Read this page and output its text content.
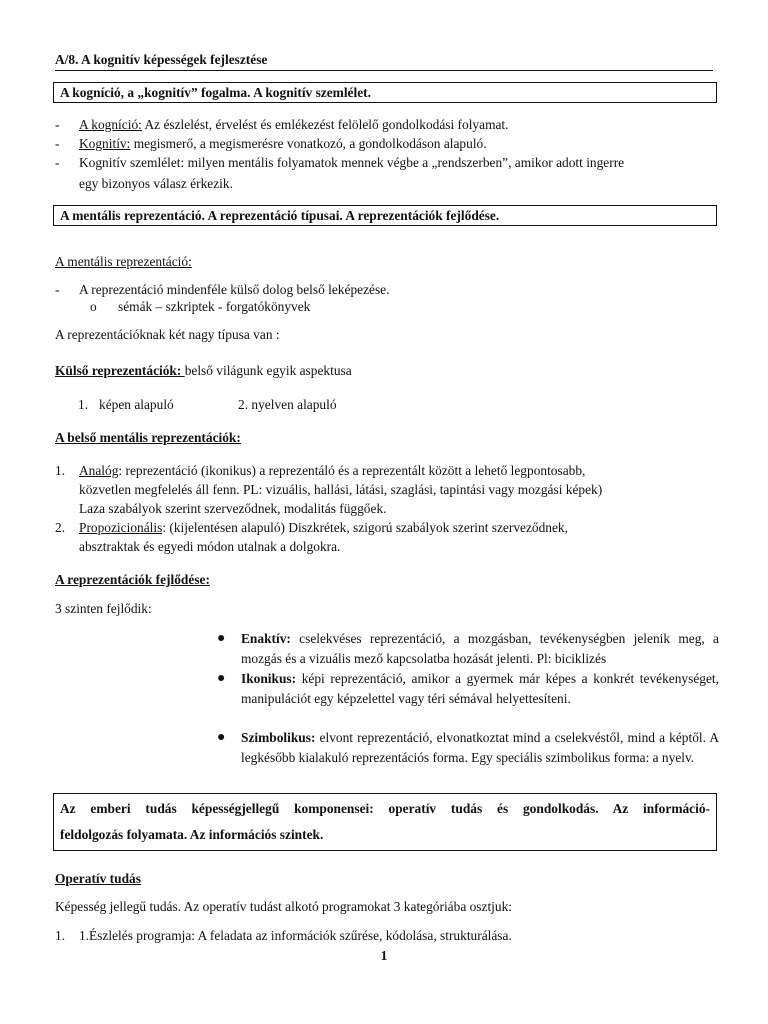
A/8. A kognitív képességek fejlesztése
A kogníció, a „kognitív” fogalma. A kognitív szemlélet.
-	A kogníció: Az észlelést, érvelést és emlékezést felölelő gondolkodási folyamat.
-	Kognitív: megismerő, a megismerésre vonatkozó, a gondolkodáson alapuló.
-	Kognitív szemlélet: milyen mentális folyamatok mennek végbe a „rendszerben”, amikor adott ingerre
egy bizonyos válasz érkezik.
A mentális reprezentáció. A reprezentáció típusai. A reprezentációk fejlődése.
A mentális reprezentáció:
-	A reprezentáció mindenféle külső dolog belső leképezése.
o sémák – szkriptek - forgatókönyvek
A reprezentációknak két nagy típusa van :
Külső reprezentációk: belső világunk egyik aspektusa
1. képen alapuló	2. nyelven alapuló
A belső mentális reprezentációk:
1.	Analóg: reprezentáció (ikonikus) a reprezentáló és a reprezentált között a lehető legpontosabb,
közvetlen megfelelés áll fenn. PL: vizuális, hallási, látási, szaglási, tapintási vagy mozgási képek)
Laza szabályok szerint szerveződnek, modalitás függőek.
2.	Propozicionális: (kijelentésen alapuló) Diszkrétek, szigorú szabályok szerint szerveződnek,
absztraktak és egyedi módon utalnak a dolgokra.
A reprezentációk fejlődése:
3 szinten fejlődik:
● Enaktív: cselekvéses reprezentáció, a mozgásban, tevékenységben jelenik meg, a mozgás és a vizuális mező kapcsolatba hozását jelenti. Pl: biciklizés
● Ikonikus: képi reprezentáció, amikor a gyermek már képes a konkrét tevékenységet, manipulációt egy képzelettel vagy téri sémával helyettesíteni.
● Szimbolikus: elvont reprezentáció, elvonatkoztat mind a cselekvéstől, mind a képtől. A legkésőbb kialakuló reprezentációs forma. Egy speciális szimbolikus forma: a nyelv.
Az emberi tudás képességjellegű komponensei: operatív tudás és gondolkodás. Az információ-
feldolgozás folyamata. Az információs szintek.
Operatív tudás
Képesség jellegű tudás. Az operatív tudást alkotó programokat 3 kategóriába osztjuk:
1.	1.Észlelés programja: A feladata az információk szűrése, kódolása, strukturálása.
1
